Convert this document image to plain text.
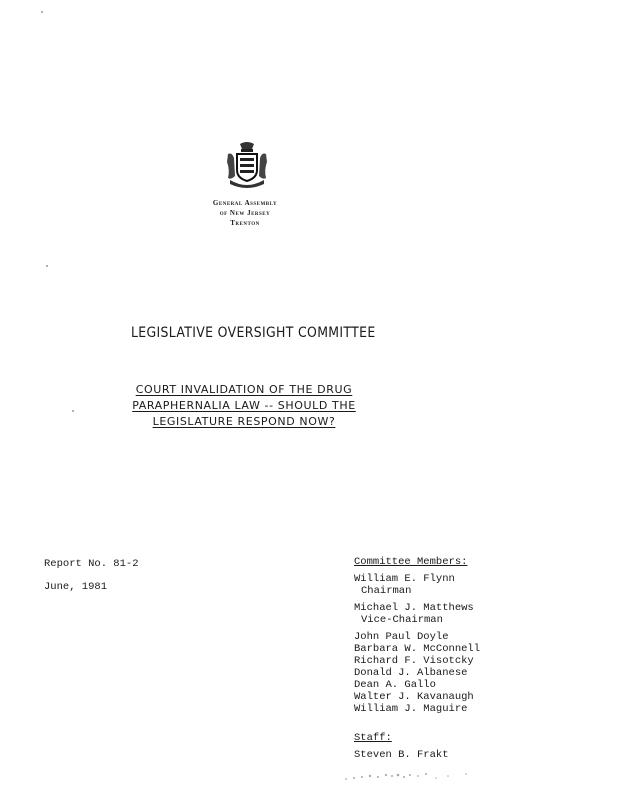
General Assembly
of New Jersey
Trenton
LEGISLATIVE OVERSIGHT COMMITTEE
COURT INVALIDATION OF THE DRUG
PARAPHERNALIA LAW -- SHOULD THE
LEGISLATURE RESPOND NOW?
Report No. 81-2
June, 1981
Committee Members:
William E. Flynn
Chairman
Michael J. Matthews
Vice-Chairman
John Paul Doyle
Barbara W. McConnell
Richard F. Visotcky
Donald J. Albanese
Dean A. Gallo
Walter J. Kavanaugh
William J. Maguire
Staff:
Steven B. Frakt
